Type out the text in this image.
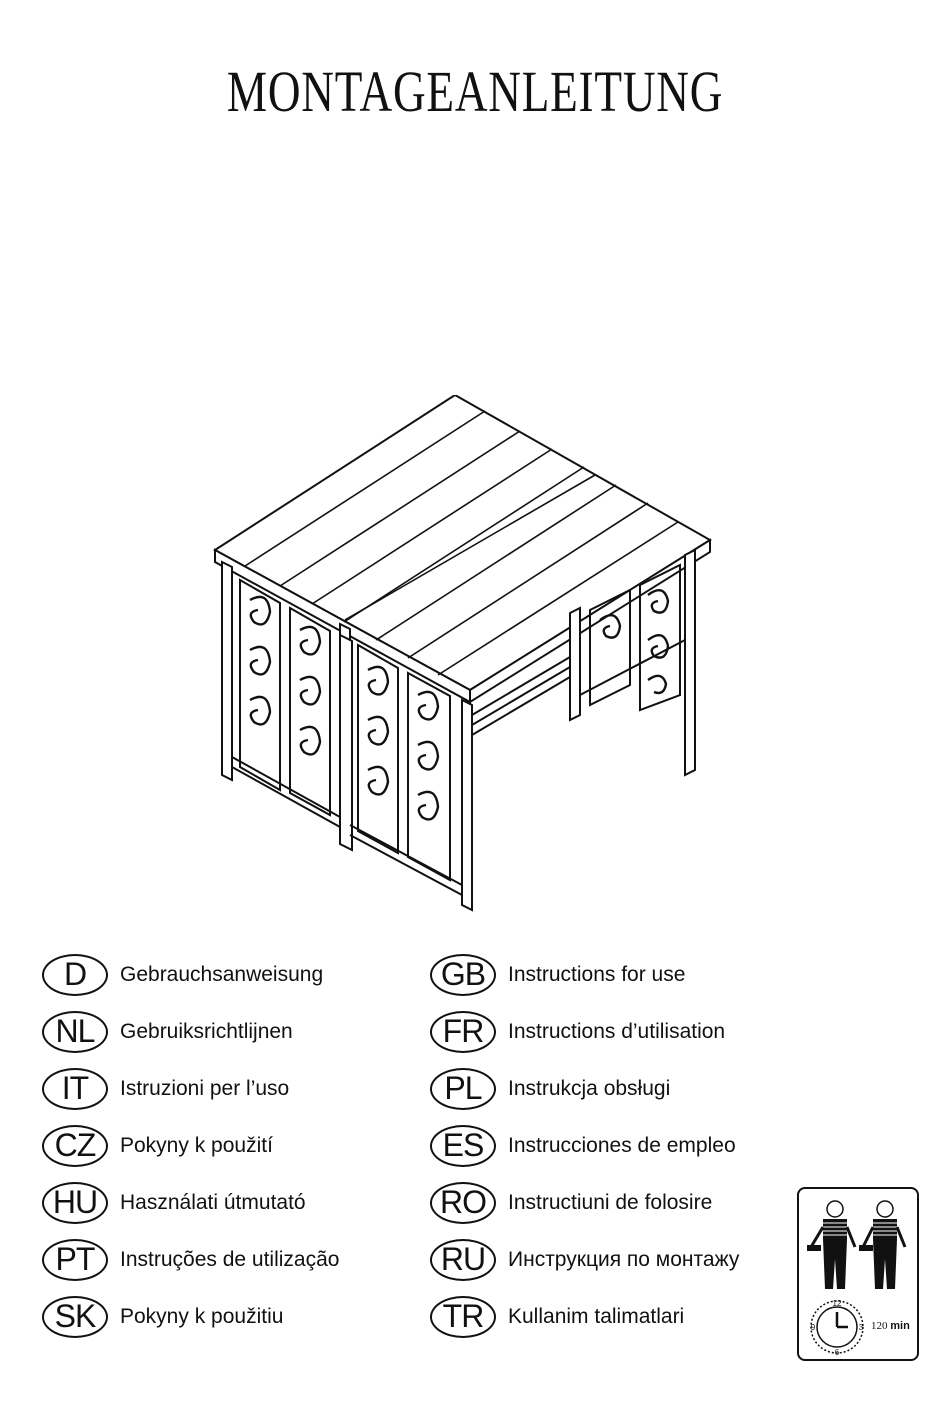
MONTAGEANLEITUNG
D	Gebrauchsanweisung
NL	Gebruiksrichtlijnen
IT	Istruzioni per l’uso
CZ	Pokyny k použití
HU	Használati útmutató
PT	Instruções de utilização
SK	Pokyny k použitiu
GB	Instructions for use
FR	Instructions d’utilisation
PL	Instrukcja obsługi
ES	Instrucciones de empleo
RO	Instructiuni de folosire
RU	Инструкция по монтажу
TR	Kullanim talimatlari
12
3
6
9	120 min
